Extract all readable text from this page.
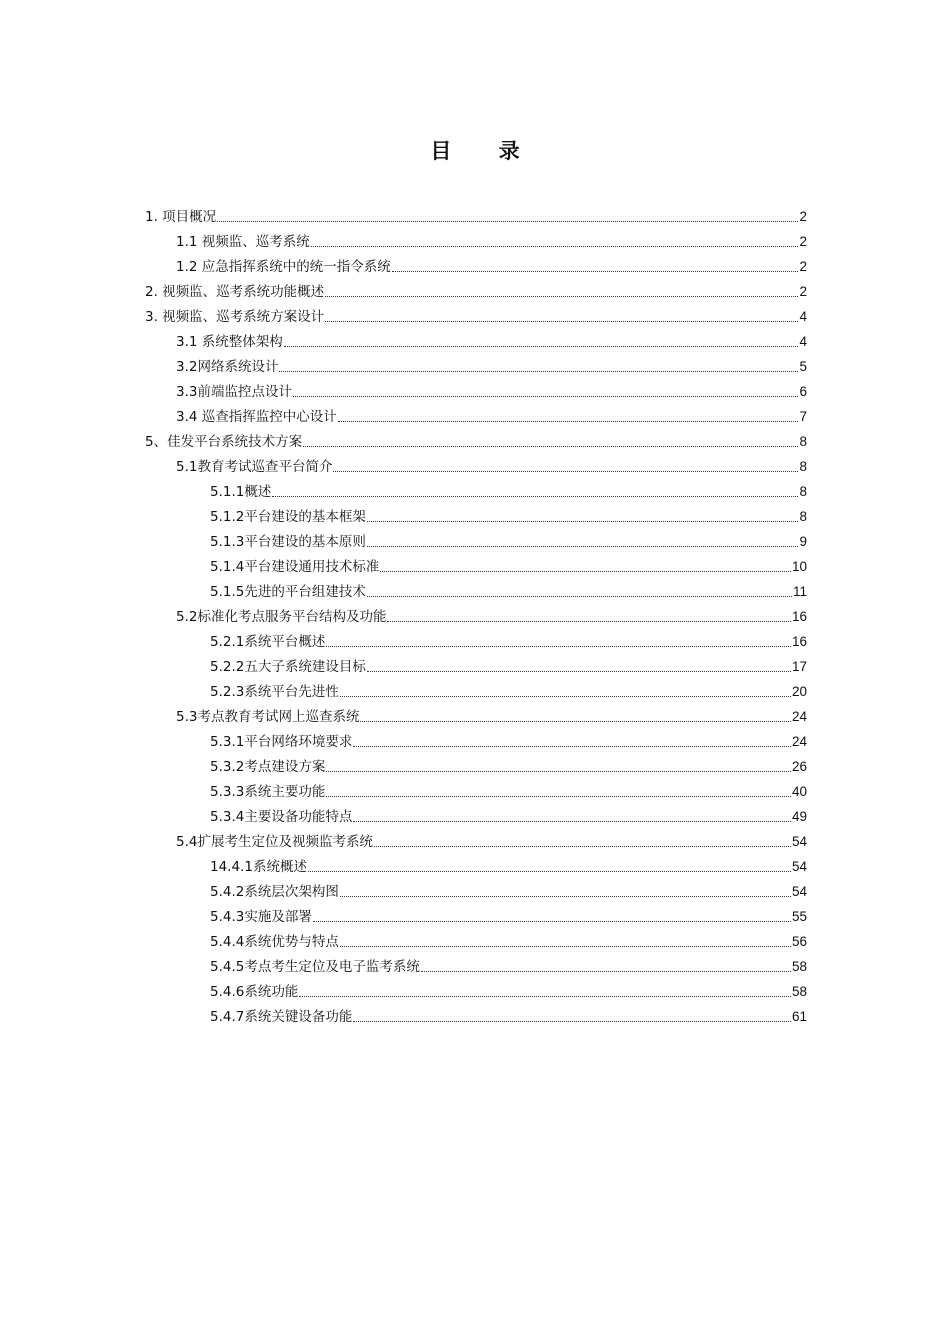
目 录
1. 项目概况	2
1.1 视频监、巡考系统	2
1.2 应急指挥系统中的统一指令系统	2
2. 视频监、巡考系统功能概述	2
3. 视频监、巡考系统方案设计	4
3.1 系统整体架构	4
3.2网络系统设计	5
3.3前端监控点设计	6
3.4 巡查指挥监控中心设计	7
5、佳发平台系统技术方案	8
5.1教育考试巡查平台简介	8
5.1.1概述	8
5.1.2平台建设的基本框架	8
5.1.3平台建设的基本原则	9
5.1.4平台建设通用技术标准	10
5.1.5先进的平台组建技术	11
5.2标准化考点服务平台结构及功能	16
5.2.1系统平台概述	16
5.2.2五大子系统建设目标	17
5.2.3系统平台先进性	20
5.3考点教育考试网上巡查系统	24
5.3.1平台网络环境要求	24
5.3.2考点建设方案	26
5.3.3系统主要功能	40
5.3.4主要设备功能特点	49
5.4扩展考生定位及视频监考系统	54
14.4.1系统概述	54
5.4.2系统层次架构图	54
5.4.3实施及部署	55
5.4.4系统优势与特点	56
5.4.5考点考生定位及电子监考系统	58
5.4.6系统功能	58
5.4.7系统关键设备功能	61
